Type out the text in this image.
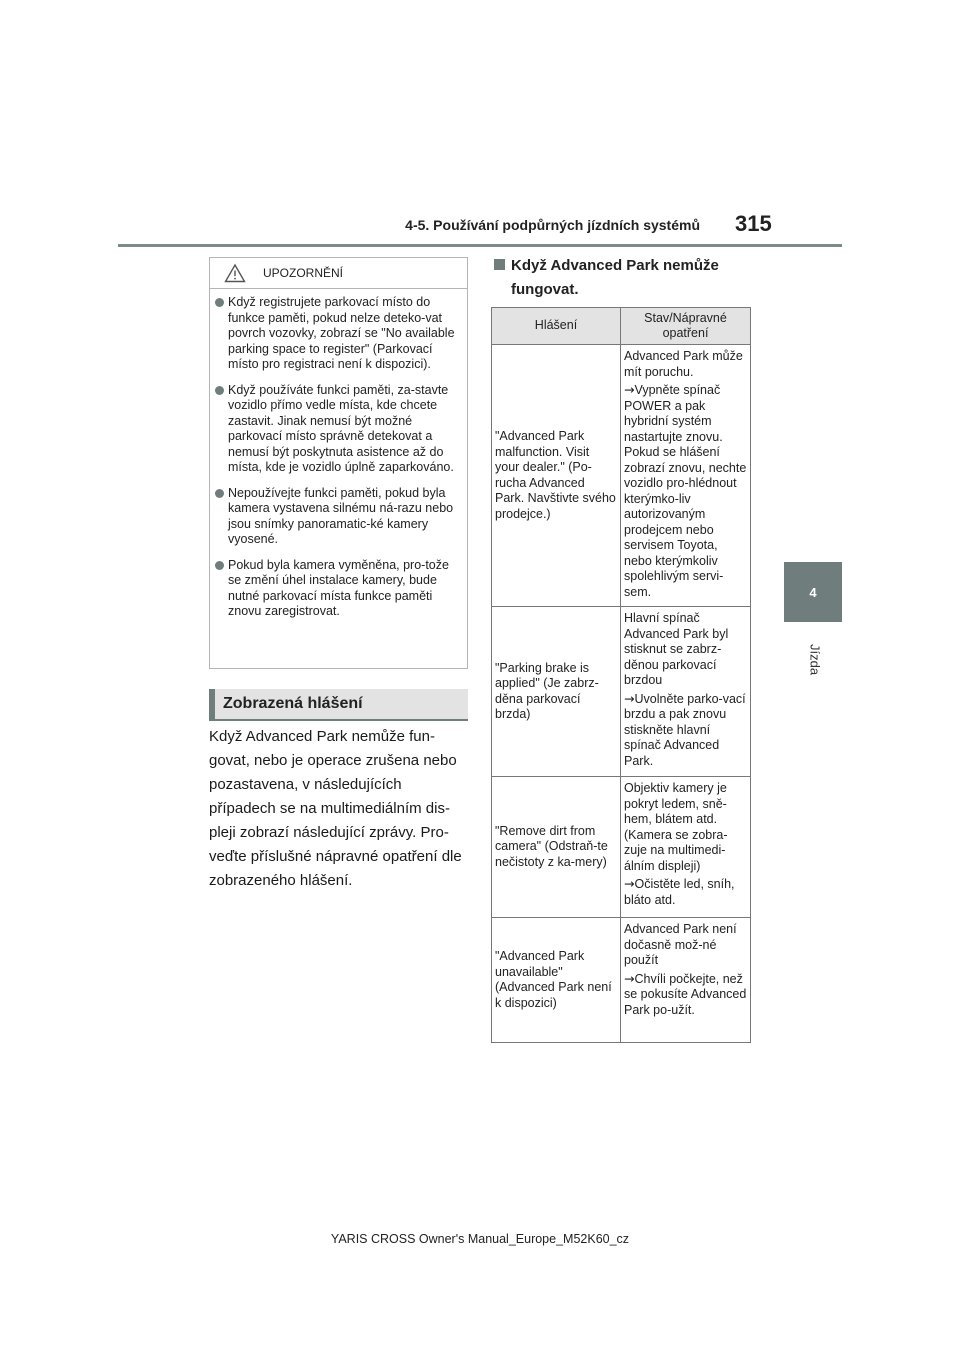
4-5. Používání podpůrných jízdních systémů 315
4
Jízda
UPOZORNĚNÍ
Když registrujete parkovací místo do funkce paměti, pokud nelze deteko-vat povrch vozovky, zobrazí se "No available parking space to register" (Parkovací místo pro registraci není k dispozici).
Když používáte funkci paměti, za-stavte vozidlo přímo vedle místa, kde chcete zastavit. Jinak nemusí být možné parkovací místo správně detekovat a nemusí být poskytnuta asistence až do místa, kde je vozidlo úplně zaparkováno.
Nepoužívejte funkci paměti, pokud byla kamera vystavena silnému ná-razu nebo jsou snímky panoramatic-ké kamery vyosené.
Pokud byla kamera vyměněna, pro-tože se změní úhel instalace kamery, bude nutné parkovací místa funkce paměti znovu zaregistrovat.
Zobrazená hlášení
Když Advanced Park nemůže fun-govat, nebo je operace zrušena nebo pozastavena, v následujících případech se na multimediálním dis-pleji zobrazí následující zprávy. Pro-veďte příslušné nápravné opatření dle zobrazeného hlášení.
Když Advanced Park nemůže
fungovat.
Hlášení	Stav/Nápravné opatření
"Advanced Park malfunction. Visit your dealer." (Po-rucha Advanced Park. Navštivte svého prodejce.)	Advanced Park může mít poruchu.
→Vypněte spínač POWER a pak hybridní systém nastartujte znovu. Pokud se hlášení zobrazí znovu, nechte vozidlo pro-hlédnout kterýmko-liv autorizovaným prodejcem nebo servisem Toyota, nebo kterýmkoliv spolehlivým servi-sem.

"Parking brake is applied" (Je zabrz-děna parkovací brzda)	Hlavní spínač Advanced Park byl stisknut se zabrz-děnou parkovací brzdou
→Uvolněte parko-vací brzdu a pak znovu stiskněte hlavní spínač Advanced Park.

"Remove dirt from camera" (Odstraň-te nečistoty z ka-mery)	Objektiv kamery je pokryt ledem, sně-hem, blátem atd. (Kamera se zobra-zuje na multimedi-álním displeji)
→Očistěte led, sníh, bláto atd.

"Advanced Park unavailable" (Advanced Park není k dispozici)	Advanced Park není dočasně mož-né použít
→Chvíli počkejte, než se pokusíte Advanced Park po-užít.
YARIS CROSS Owner's Manual_Europe_M52K60_cz
